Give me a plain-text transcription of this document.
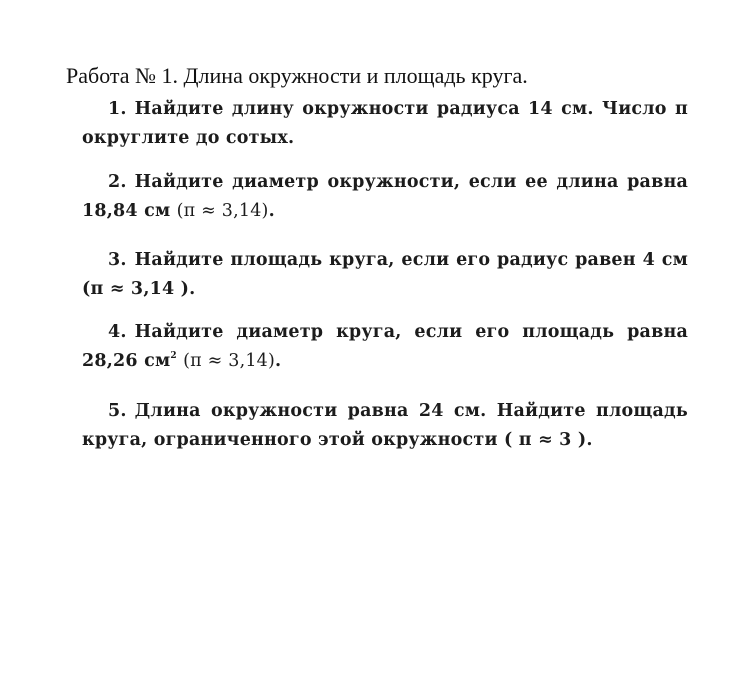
Работа № 1. Длина окружности и площадь круга.
1. Найдите длину окружности радиуса 14 см. Число π округлите до сотых.
2. Найдите диаметр окружности, если ее длина равна 18,84 см (π ≈ 3,14).
3. Найдите площадь круга, если его радиус равен 4 см (π ≈ 3,14 ).
4. Найдите диаметр круга, если его площадь равна 28,26 $см^2$ (π ≈ 3,14).
5. Длина окружности равна 24 см. Найдите площадь круга, ограниченного этой окружности ( π ≈ 3 ).
